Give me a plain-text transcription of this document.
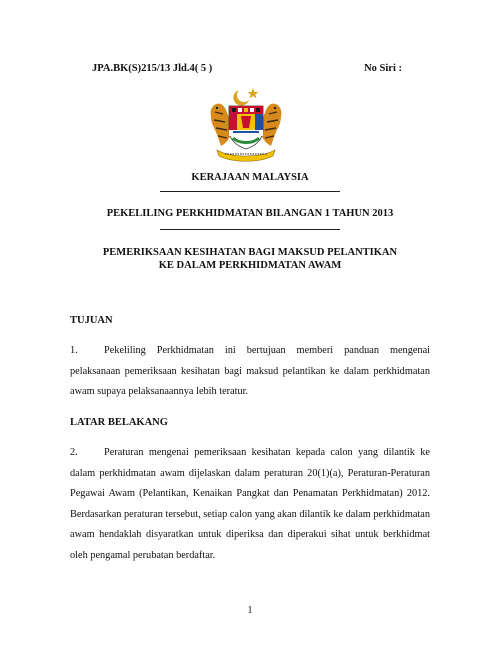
JPA.BK(S)215/13 Jld.4( 5 )	No Siri :
KERAJAAN MALAYSIA
PEKELILING PERKHIDMATAN BILANGAN 1 TAHUN 2013
PEMERIKSAAN KESIHATAN BAGI MAKSUD PELANTIKAN
KE DALAM PERKHIDMATAN AWAM
TUJUAN
1.	Pekeliling Perkhidmatan ini bertujuan memberi panduan mengenai pelaksanaan pemeriksaan kesihatan bagi maksud pelantikan ke dalam perkhidmatan awam supaya pelaksanaannya lebih teratur.
LATAR BELAKANG
2.	Peraturan mengenai pemeriksaan kesihatan kepada calon yang dilantik ke dalam perkhidmatan awam dijelaskan dalam peraturan 20(1)(a), Peraturan-Peraturan Pegawai Awam (Pelantikan, Kenaikan Pangkat dan Penamatan Perkhidmatan) 2012. Berdasarkan peraturan tersebut, setiap calon yang akan dilantik ke dalam perkhidmatan awam hendaklah disyaratkan untuk diperiksa dan diperakui sihat untuk berkhidmat oleh pengamal perubatan berdaftar.
1
